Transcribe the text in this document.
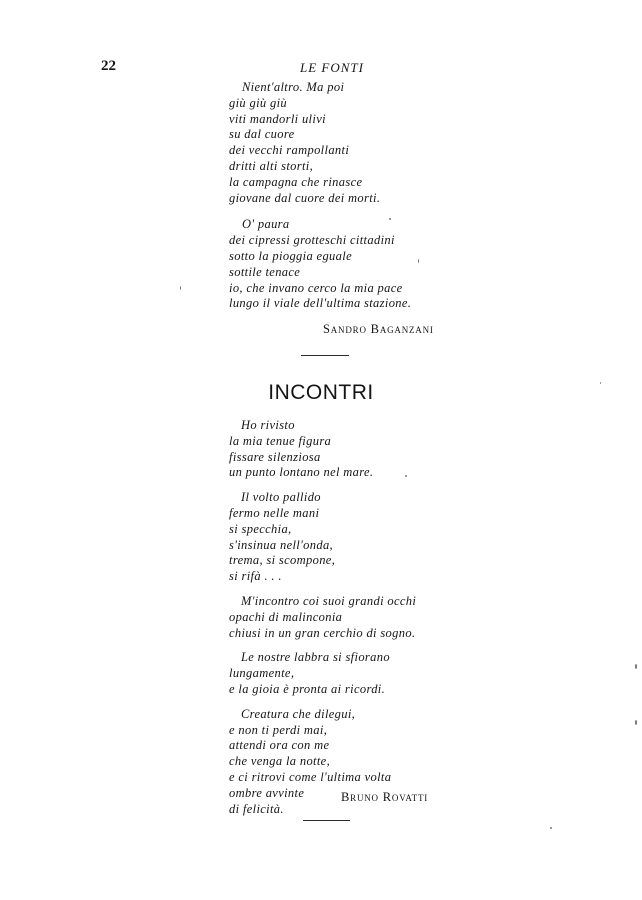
22	LE FONTI
Nient'altro. Ma poi
giù giù giù
viti mandorli ulivi
su dal cuore
dei vecchi rampollanti
dritti alti storti,
la campagna che rinasce
giovane dal cuore dei morti.
O' paura
dei cipressi grotteschi cittadini
sotto la pioggia eguale
sottile tenace
io, che invano cerco la mia pace
lungo il viale dell'ultima stazione.
Sandro Baganzani
INCONTRI
Ho rivisto
la mia tenue figura
fissare silenziosa
un punto lontano nel mare.
Il volto pallido
fermo nelle mani
si specchia,
s'insinua nell'onda,
trema, si scompone,
si rifà . . .
M'incontro coi suoi grandi occhi
opachi di malinconia
chiusi in un gran cerchio di sogno.
Le nostre labbra si sfiorano
lungamente,
e la gioia è pronta ai ricordi.
Creatura che dilegui,
e non ti perdi mai,
attendi ora con me
che venga la notte,
e ci ritrovi come l'ultima volta
ombre avvinte
di felicità.
Bruno Rovatti
